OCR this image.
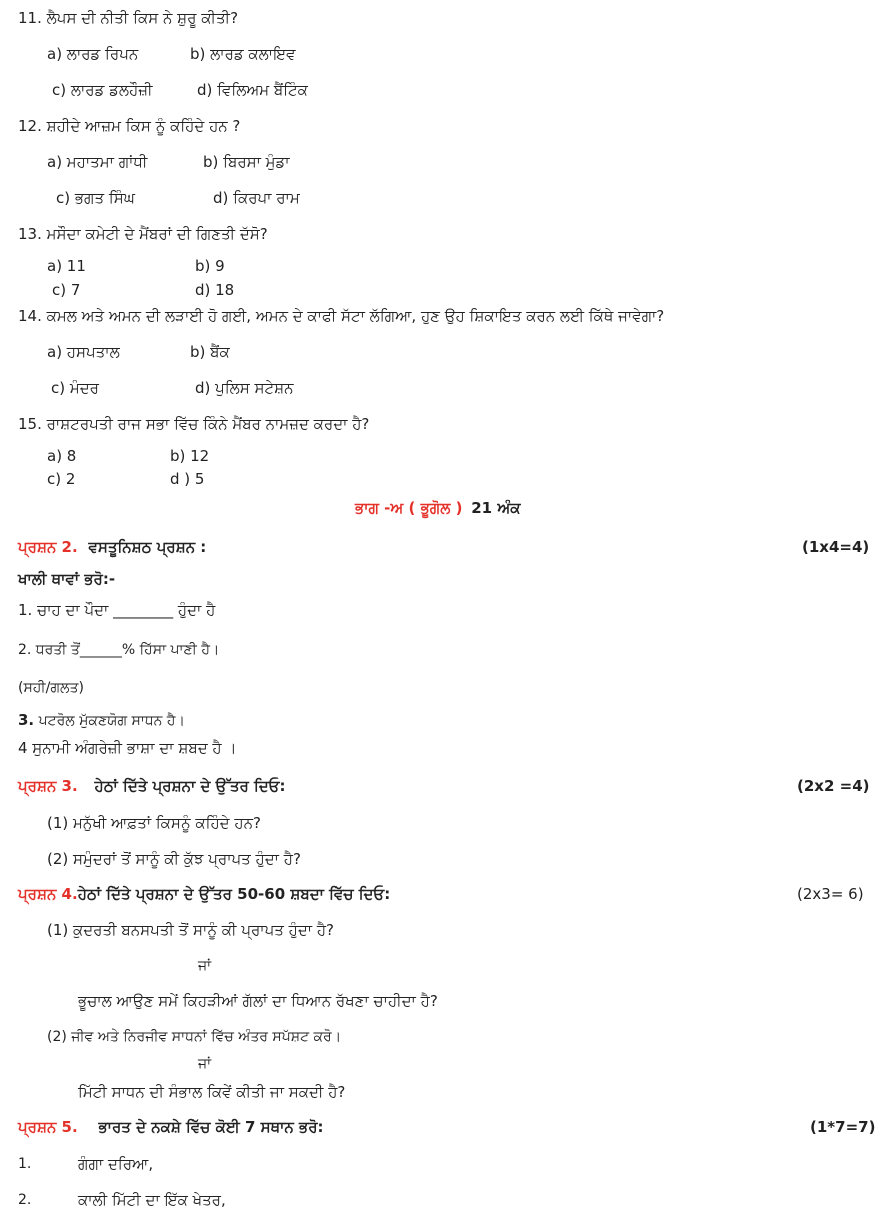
11. ਲੈਪਸ ਦੀ ਨੀਤੀ ਕਿਸ ਨੇ ਸ਼ੁਰੂ ਕੀਤੀ?
a) ਲਾਰਡ ਰਿਪਨ	b) ਲਾਰਡ ਕਲਾਇਵ
c) ਲਾਰਡ ਡਲਹੌਜ਼ੀ	d) ਵਿਲਿਅਮ ਬੈਂਟਿੰਕ
12. ਸ਼ਹੀਦੇ ਆਜ਼ਮ ਕਿਸ ਨੂੰ ਕਹਿੰਦੇ ਹਨ ?
a) ਮਹਾਤਮਾ ਗਾਂਧੀ	b) ਬਿਰਸਾ ਮੁੰਡਾ
c) ਭਗਤ ਸਿੰਘ	d) ਕਿਰਪਾ ਰਾਮ
13. ਮਸੌਦਾ ਕਮੇਟੀ ਦੇ ਮੈਂਬਰਾਂ ਦੀ ਗਿਣਤੀ ਦੱਸੋ?
a) 11	b) 9
c) 7	d) 18
14. ਕਮਲ ਅਤੇ ਅਮਨ ਦੀ ਲੜਾਈ ਹੋ ਗਈ, ਅਮਨ ਦੇ ਕਾਫੀ ਸੱਟਾ ਲੱਗਿਆ, ਹੁਣ ਉਹ ਸ਼ਿਕਾਇਤ ਕਰਨ ਲਈ ਕਿੱਥੇ ਜਾਵੇਗਾ?
a) ਹਸਪਤਾਲ	b) ਬੈਂਕ
c) ਮੰਦਰ	d) ਪੁਲਿਸ ਸਟੇਸ਼ਨ
15. ਰਾਸ਼ਟਰਪਤੀ ਰਾਜ ਸਭਾ ਵਿੱਚ ਕਿੰਨੇ ਮੈਂਬਰ ਨਾਮਜ਼ਦ ਕਰਦਾ ਹੈ?
a) 8	b) 12
c) 2	d ) 5
ਭਾਗ -ਅ ( ਭੂਗੋਲ ) 21 ਅੰਕ
ਪ੍ਰਸ਼ਨ 2. ਵਸਤੂਨਿਸ਼ਠ ਪ੍ਰਸ਼ਨ :	(1x4=4)
ਖਾਲੀ ਥਾਵਾਂ ਭਰੋ:-
1. ਚਾਹ ਦਾ ਪੌਦਾ ________ ਹੁੰਦਾ ਹੈ
2. ਧਰਤੀ ਤੋਂ______% ਹਿੱਸਾ ਪਾਣੀ ਹੈ।
(ਸਹੀ/ਗਲਤ)
3. ਪਟਰੋਲ ਮੁੱਕਣਯੋਗ ਸਾਧਨ ਹੈ।
4 ਸੁਨਾਮੀ ਅੰਗਰੇਜ਼ੀ ਭਾਸ਼ਾ ਦਾ ਸ਼ਬਦ ਹੈ ।
ਪ੍ਰਸ਼ਨ 3. ਹੇਠਾਂ ਦਿੱਤੇ ਪ੍ਰਸ਼ਨਾ ਦੇ ਉੱਤਰ ਦਿਓ:	(2x2 =4)
(1) ਮਨੁੱਖੀ ਆਫ਼ਤਾਂ ਕਿਸਨੂੰ ਕਹਿੰਦੇ ਹਨ?
(2) ਸਮੁੰਦਰਾਂ ਤੋਂ ਸਾਨੂੰ ਕੀ ਕੁੱਝ ਪ੍ਰਾਪਤ ਹੁੰਦਾ ਹੈ?
ਪ੍ਰਸ਼ਨ 4.ਹੇਠਾਂ ਦਿੱਤੇ ਪ੍ਰਸ਼ਨਾ ਦੇ ਉੱਤਰ 50-60 ਸ਼ਬਦਾ ਵਿੱਚ ਦਿਓ:	(2x3= 6)
(1) ਕੁਦਰਤੀ ਬਨਸਪਤੀ ਤੋਂ ਸਾਨੂੰ ਕੀ ਪ੍ਰਾਪਤ ਹੁੰਦਾ ਹੈ?
ਜਾਂ
ਭੂਚਾਲ ਆਉਣ ਸਮੇਂ ਕਿਹੜੀਆਂ ਗੱਲਾਂ ਦਾ ਧਿਆਨ ਰੱਖਣਾ ਚਾਹੀਦਾ ਹੈ?
(2) ਜੀਵ ਅਤੇ ਨਿਰਜੀਵ ਸਾਧਨਾਂ ਵਿੱਚ ਅੰਤਰ ਸਪੱਸ਼ਟ ਕਰੋ।
ਜਾਂ
ਮਿੱਟੀ ਸਾਧਨ ਦੀ ਸੰਭਾਲ ਕਿਵੇਂ ਕੀਤੀ ਜਾ ਸਕਦੀ ਹੈ?
ਪ੍ਰਸ਼ਨ 5. ਭਾਰਤ ਦੇ ਨਕਸ਼ੇ ਵਿੱਚ ਕੋਈ 7 ਸਥਾਨ ਭਰੋ:	(1*7=7)
1.	ਗੰਗਾ ਦਰਿਆ,
2.	ਕਾਲੀ ਮਿੱਟੀ ਦਾ ਇੱਕ ਖੇਤਰ,
